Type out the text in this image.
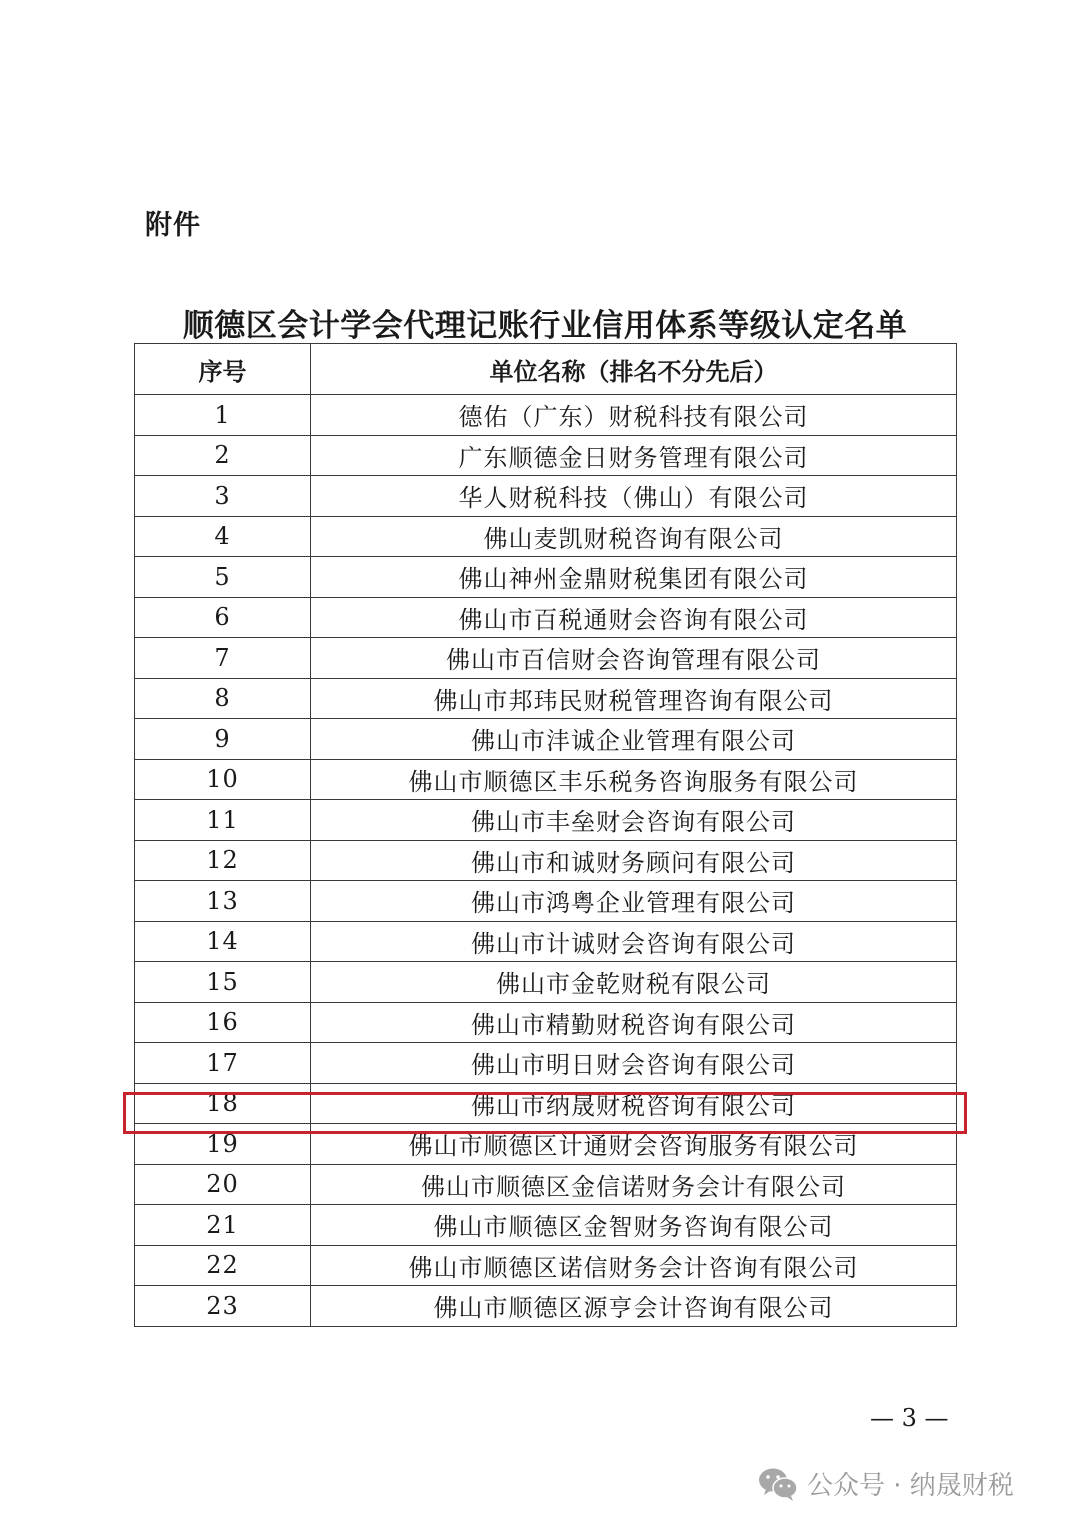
附件
顺德区会计学会代理记账行业信用体系等级认定名单
序号	单位名称（排名不分先后）
1	德佑（广东）财税科技有限公司
2	广东顺德金日财务管理有限公司
3	华人财税科技（佛山）有限公司
4	佛山麦凯财税咨询有限公司
5	佛山神州金鼎财税集团有限公司
6	佛山市百税通财会咨询有限公司
7	佛山市百信财会咨询管理有限公司
8	佛山市邦玮民财税管理咨询有限公司
9	佛山市沣诚企业管理有限公司
10	佛山市顺德区丰乐税务咨询服务有限公司
11	佛山市丰垒财会咨询有限公司
12	佛山市和诚财务顾问有限公司
13	佛山市鸿粤企业管理有限公司
14	佛山市计诚财会咨询有限公司
15	佛山市金乾财税有限公司
16	佛山市精勤财税咨询有限公司
17	佛山市明日财会咨询有限公司
18	佛山市纳晟财税咨询有限公司
19	佛山市顺德区计通财会咨询服务有限公司
20	佛山市顺德区金信诺财务会计有限公司
21	佛山市顺德区金智财务咨询有限公司
22	佛山市顺德区诺信财务会计咨询有限公司
23	佛山市顺德区源亨会计咨询有限公司
— 3 —
公众号 · 纳晟财税
